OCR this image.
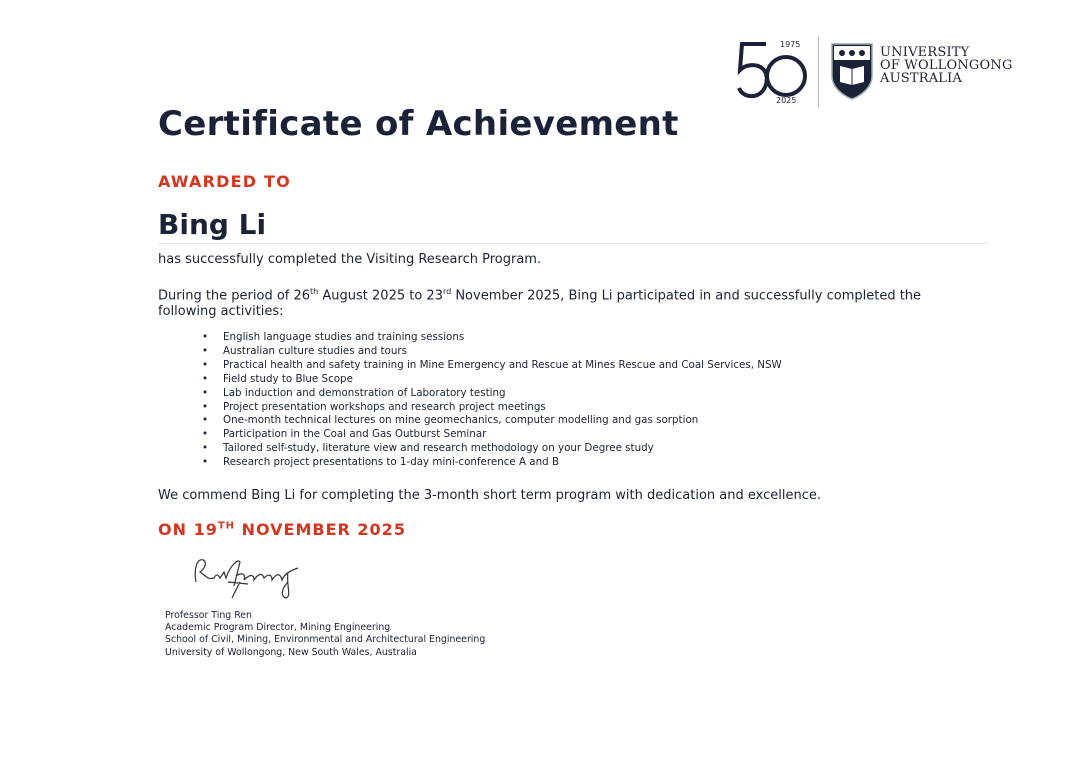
1975
2025
UNIVERSITY
OF WOLLONGONG
AUSTRALIA
Certificate of Achievement
AWARDED TO
Bing Li
has successfully completed the Visiting Research Program.
During the period of 26th August 2025 to 23rd November 2025, Bing Li participated in and successfully completed the following activities:
• English language studies and training sessions
• Australian culture studies and tours
• Practical health and safety training in Mine Emergency and Rescue at Mines Rescue and Coal Services, NSW
• Field study to Blue Scope
• Lab induction and demonstration of Laboratory testing
• Project presentation workshops and research project meetings
• One-month technical lectures on mine geomechanics, computer modelling and gas sorption
• Participation in the Coal and Gas Outburst Seminar
• Tailored self-study, literature view and research methodology on your Degree study
• Research project presentations to 1-day mini-conference A and B
We commend Bing Li for completing the 3-month short term program with dedication and excellence.
ON 19TH NOVEMBER 2025
Professor Ting Ren
Academic Program Director, Mining Engineering
School of Civil, Mining, Environmental and Architectural Engineering
University of Wollongong, New South Wales, Australia
